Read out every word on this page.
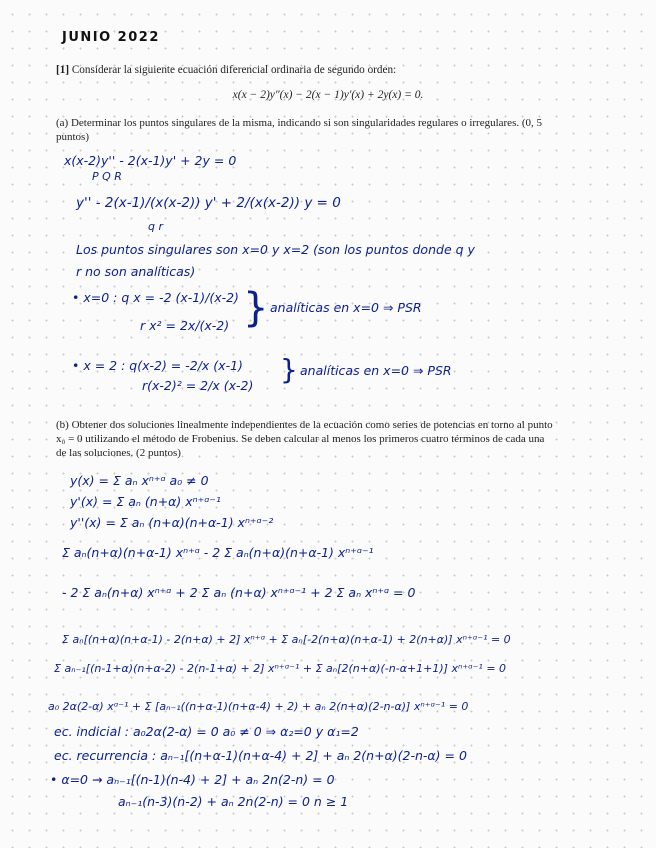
JUNIO 2022
[1] Considerar la siguiente ecuación diferencial ordinaria de segundo orden:
x(x − 2)y″(x) − 2(x − 1)y′(x) + 2y(x) = 0.
(a) Determinar los puntos singulares de la misma, indicando si son singularidades regulares o irregulares. (0, 5 puntos)
x(x-2)y'' - 2(x-1)y' + 2y = 0
P Q R
y'' - 2(x-1)/(x(x-2)) y' + 2/(x(x-2)) y = 0
q r
Los puntos singulares son x=0 y x=2 (son los puntos donde q y
r no son analíticas)
• x=0 : q x = -2 (x-1)/(x-2)
r x² = 2x/(x-2) } analíticas en x=0 ⇒ PSR
• x = 2 : q(x-2) = -2/x (x-1)
r(x-2)² = 2/x (x-2) } analíticas en x=0 ⇒ PSR
(b) Obtener dos soluciones linealmente independientes de la ecuación como series de potencias en torno al punto x₀ = 0 utilizando el método de Frobenius. Se deben calcular al menos los primeros cuatro términos de cada una de las soluciones. (2 puntos)
y(x) = Σ aₙ xⁿ⁺ᵅ a₀ ≠ 0
y'(x) = Σ aₙ (n+α) xⁿ⁺ᵅ⁻¹
y''(x) = Σ aₙ (n+α)(n+α-1) xⁿ⁺ᵅ⁻²
Σ aₙ(n+α)(n+α-1) xⁿ⁺ᵅ - 2 Σ aₙ(n+α)(n+α-1) xⁿ⁺ᵅ⁻¹
- 2 Σ aₙ(n+α) xⁿ⁺ᵅ + 2 Σ aₙ (n+α) xⁿ⁺ᵅ⁻¹ + 2 Σ aₙ xⁿ⁺ᵅ = 0
Σ aₙ[(n+α)(n+α-1) - 2(n+α) + 2] xⁿ⁺ᵅ + Σ aₙ[-2(n+α)(n+α-1) + 2(n+α)] xⁿ⁺ᵅ⁻¹ = 0
Σ aₙ₋₁[(n-1+α)(n+α-2) - 2(n-1+α) + 2] xⁿ⁺ᵅ⁻¹ + Σ aₙ[2(n+α)(-n-α+1+1)] xⁿ⁺ᵅ⁻¹ = 0
a₀ 2α(2-α) xᵅ⁻¹ + Σ [aₙ₋₁((n+α-1)(n+α-4) + 2) + aₙ 2(n+α)(2-n-α)] xⁿ⁺ᵅ⁻¹ = 0
ec. indicial : a₀2α(2-α) = 0 a₀ ≠ 0 ⇒ α₂=0 y α₁=2
ec. recurrencia : aₙ₋₁[(n+α-1)(n+α-4) + 2] + aₙ 2(n+α)(2-n-α) = 0
• α=0 → aₙ₋₁[(n-1)(n-4) + 2] + aₙ 2n(2-n) = 0
aₙ₋₁(n-3)(n-2) + aₙ 2n(2-n) = 0 n ≥ 1
